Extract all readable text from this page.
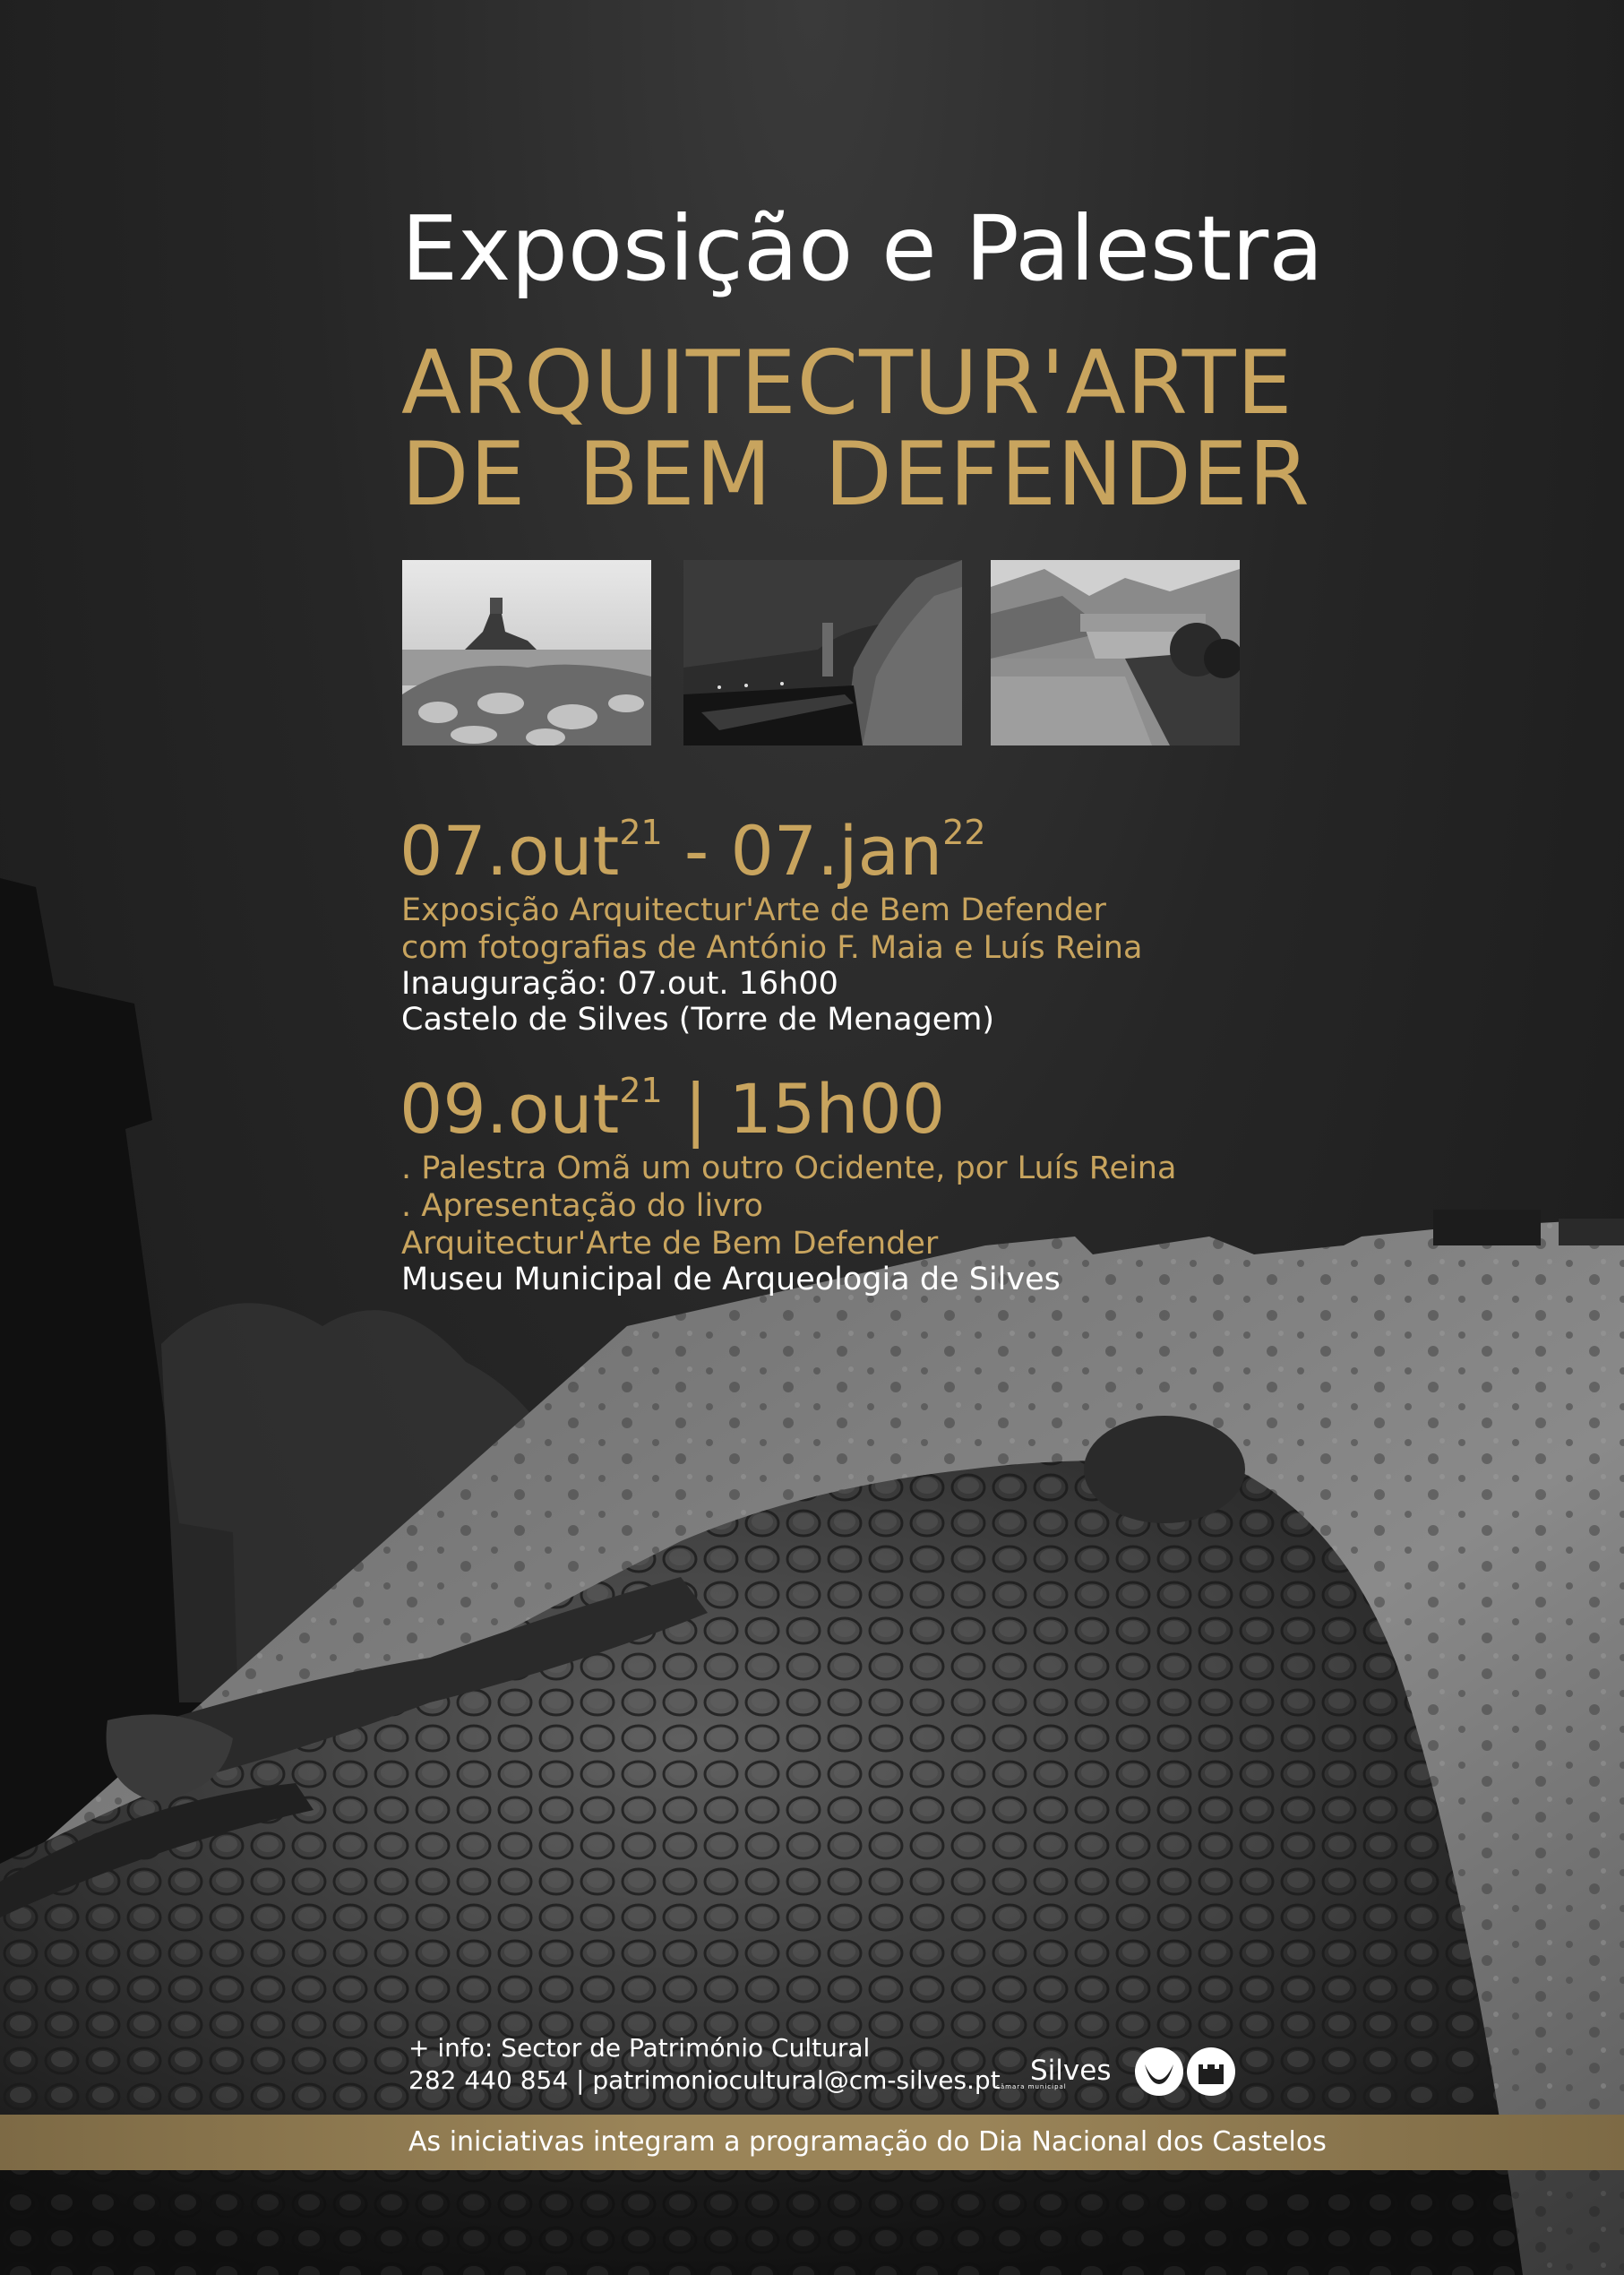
Exposição e Palestra
ARQUITECTUR'ARTE

DE BEM DEFENDER
07.out$^{21}$ - 07.jan$^{22}$
Exposição Arquitectur'Arte de Bem Defender
com fotografias de António F. Maia e Luís Reina
Inauguração: 07.out. 16h00
Castelo de Silves (Torre de Menagem)
09.out$^{21}$ | 15h00
. Palestra Omã um outro Ocidente, por Luís Reina
. Apresentação do livro
Arquitectur'Arte de Bem Defender
Museu Municipal de Arqueologia de Silves
+ info: Sector de Património Cultural
282 440 854 | patrimoniocultural@cm-silves.pt Silves
câmara municipal
As iniciativas integram a programação do Dia Nacional dos Castelos
